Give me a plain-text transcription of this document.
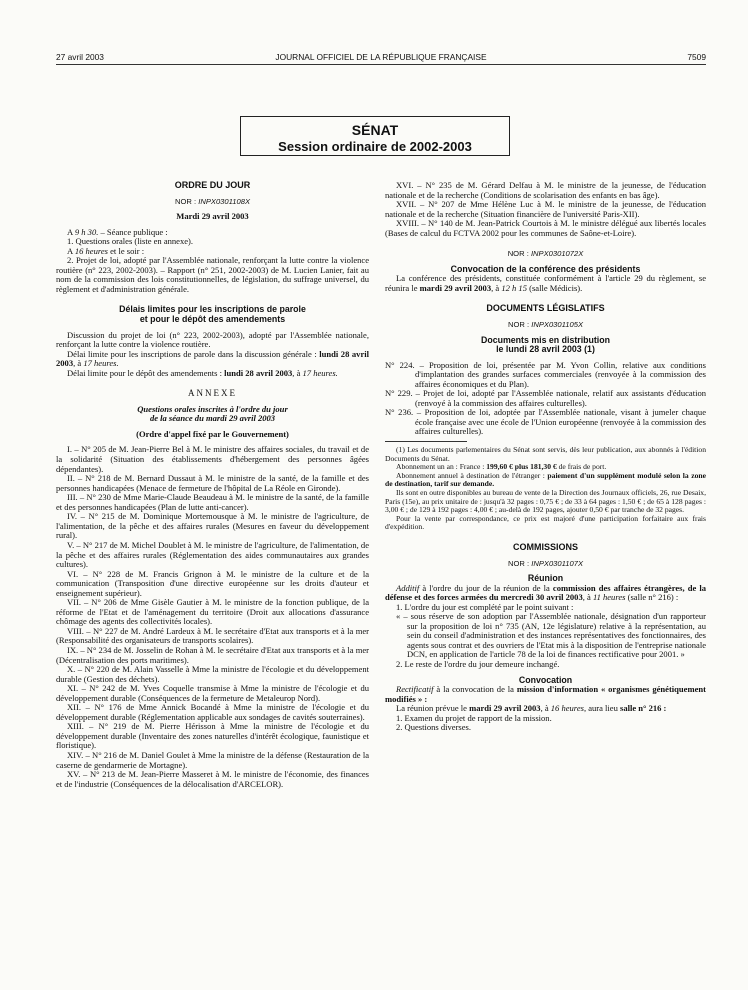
27 avril 2003	JOURNAL OFFICIEL DE LA RÉPUBLIQUE FRANÇAISE	7509
SÉNAT
Session ordinaire de 2002-2003

ORDRE DU JOUR

NOR : INPX0301108X

Mardi 29 avril 2003

A 9 h 30. – Séance publique :

1. Questions orales (liste en annexe).

A 16 heures et le soir :

2. Projet de loi, adopté par l'Assemblée nationale, renforçant la lutte contre la violence routière (n° 223, 2002-2003). – Rapport (n° 251, 2002-2003) de M. Lucien Lanier, fait au nom de la commission des lois constitutionnelles, de législation, du suffrage universel, du règlement et d'administration générale.

Délais limites pour les inscriptions de parole

et pour le dépôt des amendements

Discussion du projet de loi (n° 223, 2002-2003), adopté par l'Assemblée nationale, renforçant la lutte contre la violence routière.

Délai limite pour les inscriptions de parole dans la discussion générale : lundi 28 avril 2003, à 17 heures.

Délai limite pour le dépôt des amendements : lundi 28 avril 2003, à 17 heures.

ANNEXE

Questions orales inscrites à l'ordre du jour

de la séance du mardi 29 avril 2003

(Ordre d'appel fixé par le Gouvernement)

I. – N° 205 de M. Jean-Pierre Bel à M. le ministre des affaires sociales, du travail et de la solidarité (Situation des établissements d'hébergement des personnes âgées dépendantes).

II. – N° 218 de M. Bernard Dussaut à M. le ministre de la santé, de la famille et des personnes handicapées (Menace de fermeture de l'hôpital de La Réole en Gironde).

III. – N° 230 de Mme Marie-Claude Beaudeau à M. le ministre de la santé, de la famille et des personnes handicapées (Plan de lutte anti-cancer).

IV. – N° 215 de M. Dominique Mortemousque à M. le ministre de l'agriculture, de l'alimentation, de la pêche et des affaires rurales (Mesures en faveur du développement rural).

V. – N° 217 de M. Michel Doublet à M. le ministre de l'agriculture, de l'alimentation, de la pêche et des affaires rurales (Réglementation des aides communautaires aux grandes cultures).

VI. – N° 228 de M. Francis Grignon à M. le ministre de la culture et de la communication (Transposition d'une directive européenne sur les droits d'auteur et enseignement supérieur).

VII. – N° 206 de Mme Gisèle Gautier à M. le ministre de la fonction publique, de la réforme de l'Etat et de l'aménagement du territoire (Droit aux allocations d'assurance chômage des agents des collectivités locales).

VIII. – N° 227 de M. André Lardeux à M. le secrétaire d'Etat aux transports et à la mer (Responsabilité des organisateurs de transports scolaires).

IX. – N° 234 de M. Josselin de Rohan à M. le secrétaire d'Etat aux transports et à la mer (Décentralisation des ports maritimes).

X. – N° 220 de M. Alain Vasselle à Mme la ministre de l'écologie et du développement durable (Gestion des déchets).

XI. – N° 242 de M. Yves Coquelle transmise à Mme la ministre de l'écologie et du développement durable (Conséquences de la fermeture de Metaleurop Nord).

XII. – N° 176 de Mme Annick Bocandé à Mme la ministre de l'écologie et du développement durable (Réglementation applicable aux sondages de cavités souterraines).

XIII. – N° 219 de M. Pierre Hérisson à Mme la ministre de l'écologie et du développement durable (Inventaire des zones naturelles d'intérêt écologique, faunistique et floristique).

XIV. – N° 216 de M. Daniel Goulet à Mme la ministre de la défense (Restauration de la caserne de gendarmerie de Mortagne).

XV. – N° 213 de M. Jean-Pierre Masseret à M. le ministre de l'économie, des finances et de l'industrie (Conséquences de la délocalisation d'ARCELOR).

XVI. – N° 235 de M. Gérard Delfau à M. le ministre de la jeunesse, de l'éducation nationale et de la recherche (Conditions de scolarisation des enfants en bas âge).

XVII. – N° 207 de Mme Hélène Luc à M. le ministre de la jeunesse, de l'éducation nationale et de la recherche (Situation financière de l'université Paris-XII).

XVIII. – N° 140 de M. Jean-Patrick Courtois à M. le ministre délégué aux libertés locales (Bases de calcul du FCTVA 2002 pour les communes de Saône-et-Loire).

NOR : INPX0301072X

Convocation de la conférence des présidents

La conférence des présidents, constituée conformément à l'article 29 du règlement, se réunira le mardi 29 avril 2003, à 12 h 15 (salle Médicis).

DOCUMENTS LÉGISLATIFS

NOR : INPX0301105X

Documents mis en distribution

le lundi 28 avril 2003 (1)

N° 224. – Proposition de loi, présentée par M. Yvon Collin, relative aux conditions d'implantation des grandes surfaces commerciales (renvoyée à la commission des affaires économiques et du Plan).

N° 229. – Projet de loi, adopté par l'Assemblée nationale, relatif aux assistants d'éducation (renvoyé à la commission des affaires culturelles).

N° 236. – Proposition de loi, adoptée par l'Assemblée nationale, visant à jumeler chaque école française avec une école de l'Union européenne (renvoyée à la commission des affaires culturelles).

(1) Les documents parlementaires du Sénat sont servis, dès leur publication, aux abonnés à l'édition Documents du Sénat.

Abonnement un an : France : 199,60 € plus 181,30 € de frais de port.

Abonnement annuel à destination de l'étranger : paiement d'un supplément modulé selon la zone de destination, tarif sur demande.

Ils sont en outre disponibles au bureau de vente de la Direction des Journaux officiels, 26, rue Desaix, Paris (15e), au prix unitaire de : jusqu'à 32 pages : 0,75 € ; de 33 à 64 pages : 1,50 € ; de 65 à 128 pages : 3,00 € ; de 129 à 192 pages : 4,00 € ; au-delà de 192 pages, ajouter 0,50 € par tranche de 32 pages.

Pour la vente par correspondance, ce prix est majoré d'une participation forfaitaire aux frais d'expédition.

COMMISSIONS

NOR : INPX0301107X

Réunion

Additif à l'ordre du jour de la réunion de la commission des affaires étrangères, de la défense et des forces armées du mercredi 30 avril 2003, à 11 heures (salle n° 216) :

1. L'ordre du jour est complété par le point suivant :

« – sous réserve de son adoption par l'Assemblée nationale, désignation d'un rapporteur sur la proposition de loi n° 735 (AN, 12e législature) relative à la représentation, au sein du conseil d'administration et des instances représentatives des fonctionnaires, des agents sous contrat et des ouvriers de l'Etat mis à la disposition de l'entreprise nationale DCN, en application de l'article 78 de la loi de finances rectificative pour 2001. »

2. Le reste de l'ordre du jour demeure inchangé.

Convocation

Rectificatif à la convocation de la mission d'information « organismes génétiquement modifiés » :

La réunion prévue le mardi 29 avril 2003, à 16 heures, aura lieu salle n° 216 :

1. Examen du projet de rapport de la mission.

2. Questions diverses.
